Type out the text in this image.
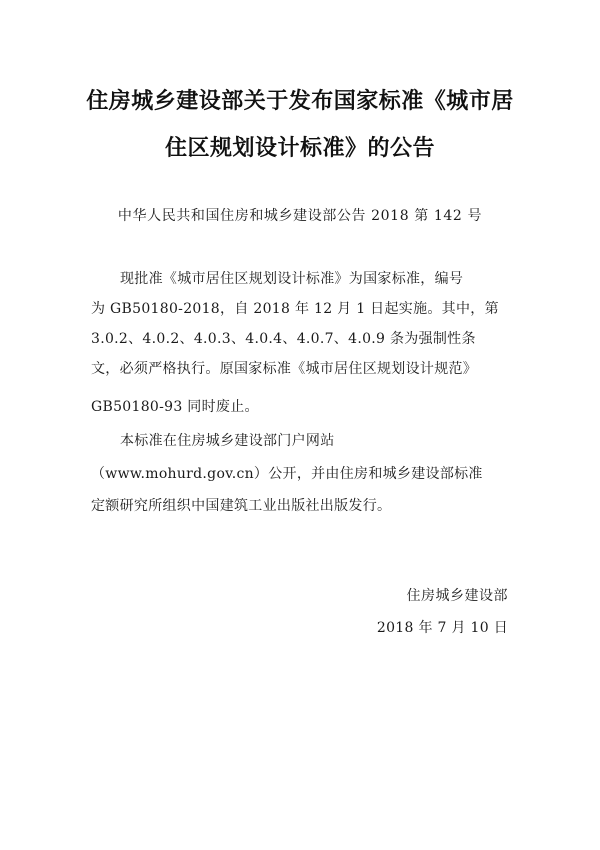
住房城乡建设部关于发布国家标准《城市居
住区规划设计标准》的公告
中华人民共和国住房和城乡建设部公告 2018 第 142 号
现批准《城市居住区规划设计标准》为国家标准，编号
为 GB50180-2018，自 2018 年 12 月 1 日起实施。其中，第
3.0.2、4.0.2、4.0.3、4.0.4、4.0.7、4.0.9 条为强制性条
文，必须严格执行。原国家标准《城市居住区规划设计规范》
GB50180-93 同时废止。
本标准在住房城乡建设部门户网站
（www.mohurd.gov.cn）公开，并由住房和城乡建设部标准
定额研究所组织中国建筑工业出版社出版发行。
住房城乡建设部
2018 年 7 月 10 日
